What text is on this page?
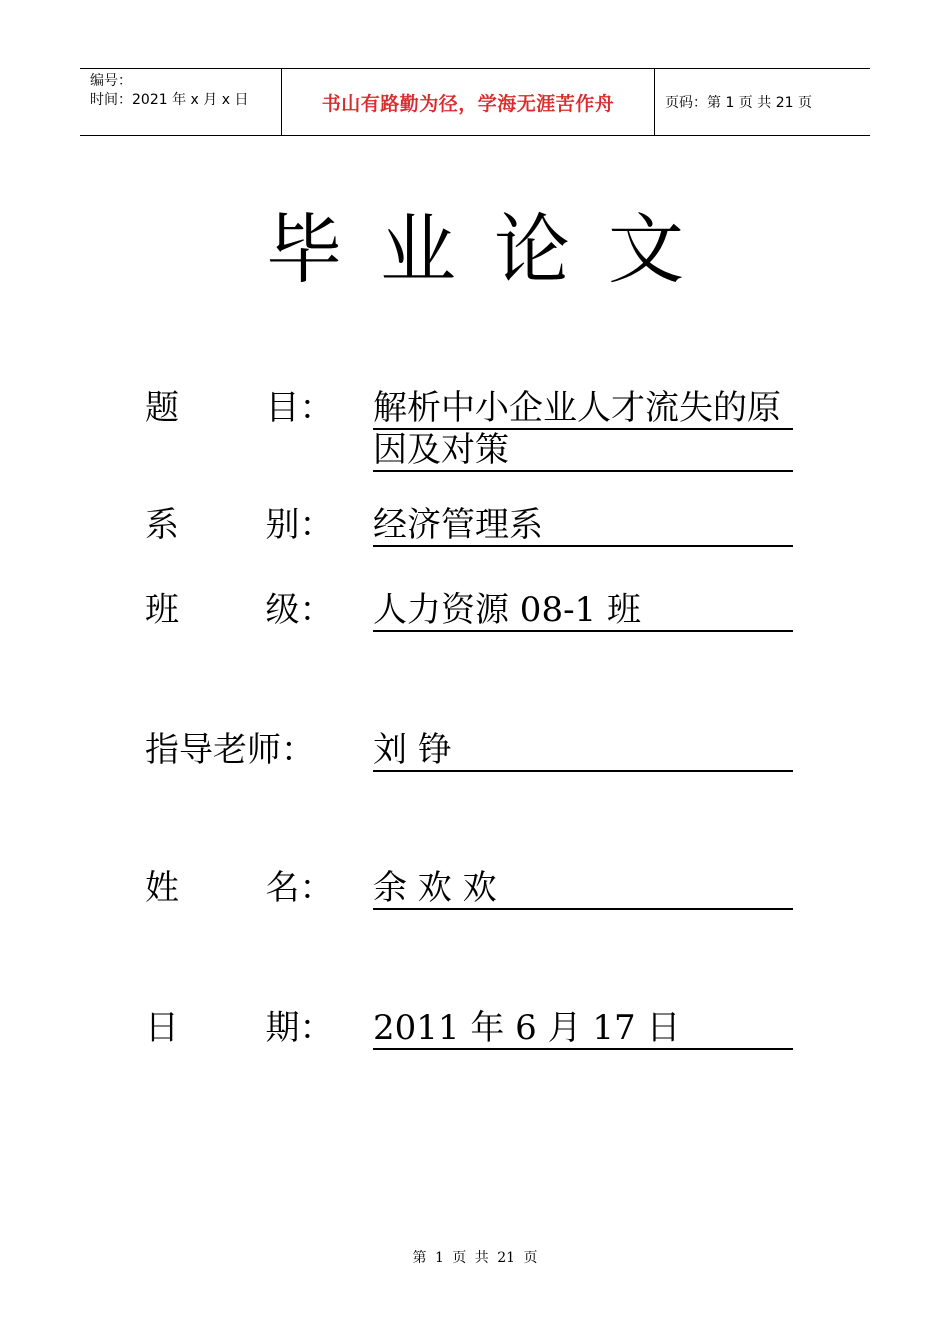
编号：
时间：2021 年 x 月 x 日	书山有路勤为径，学海无涯苦作舟	页码：第 1 页 共 21 页
毕业论文
题        目： 解析中小企业人才流失的原
因及对策
系        别： 经济管理系
班        级： 人力资源 08-1 班
指导老师： 刘 铮
姓        名： 余 欢 欢
日        期： 2011 年 6 月 17 日
第 1 页 共 21 页
